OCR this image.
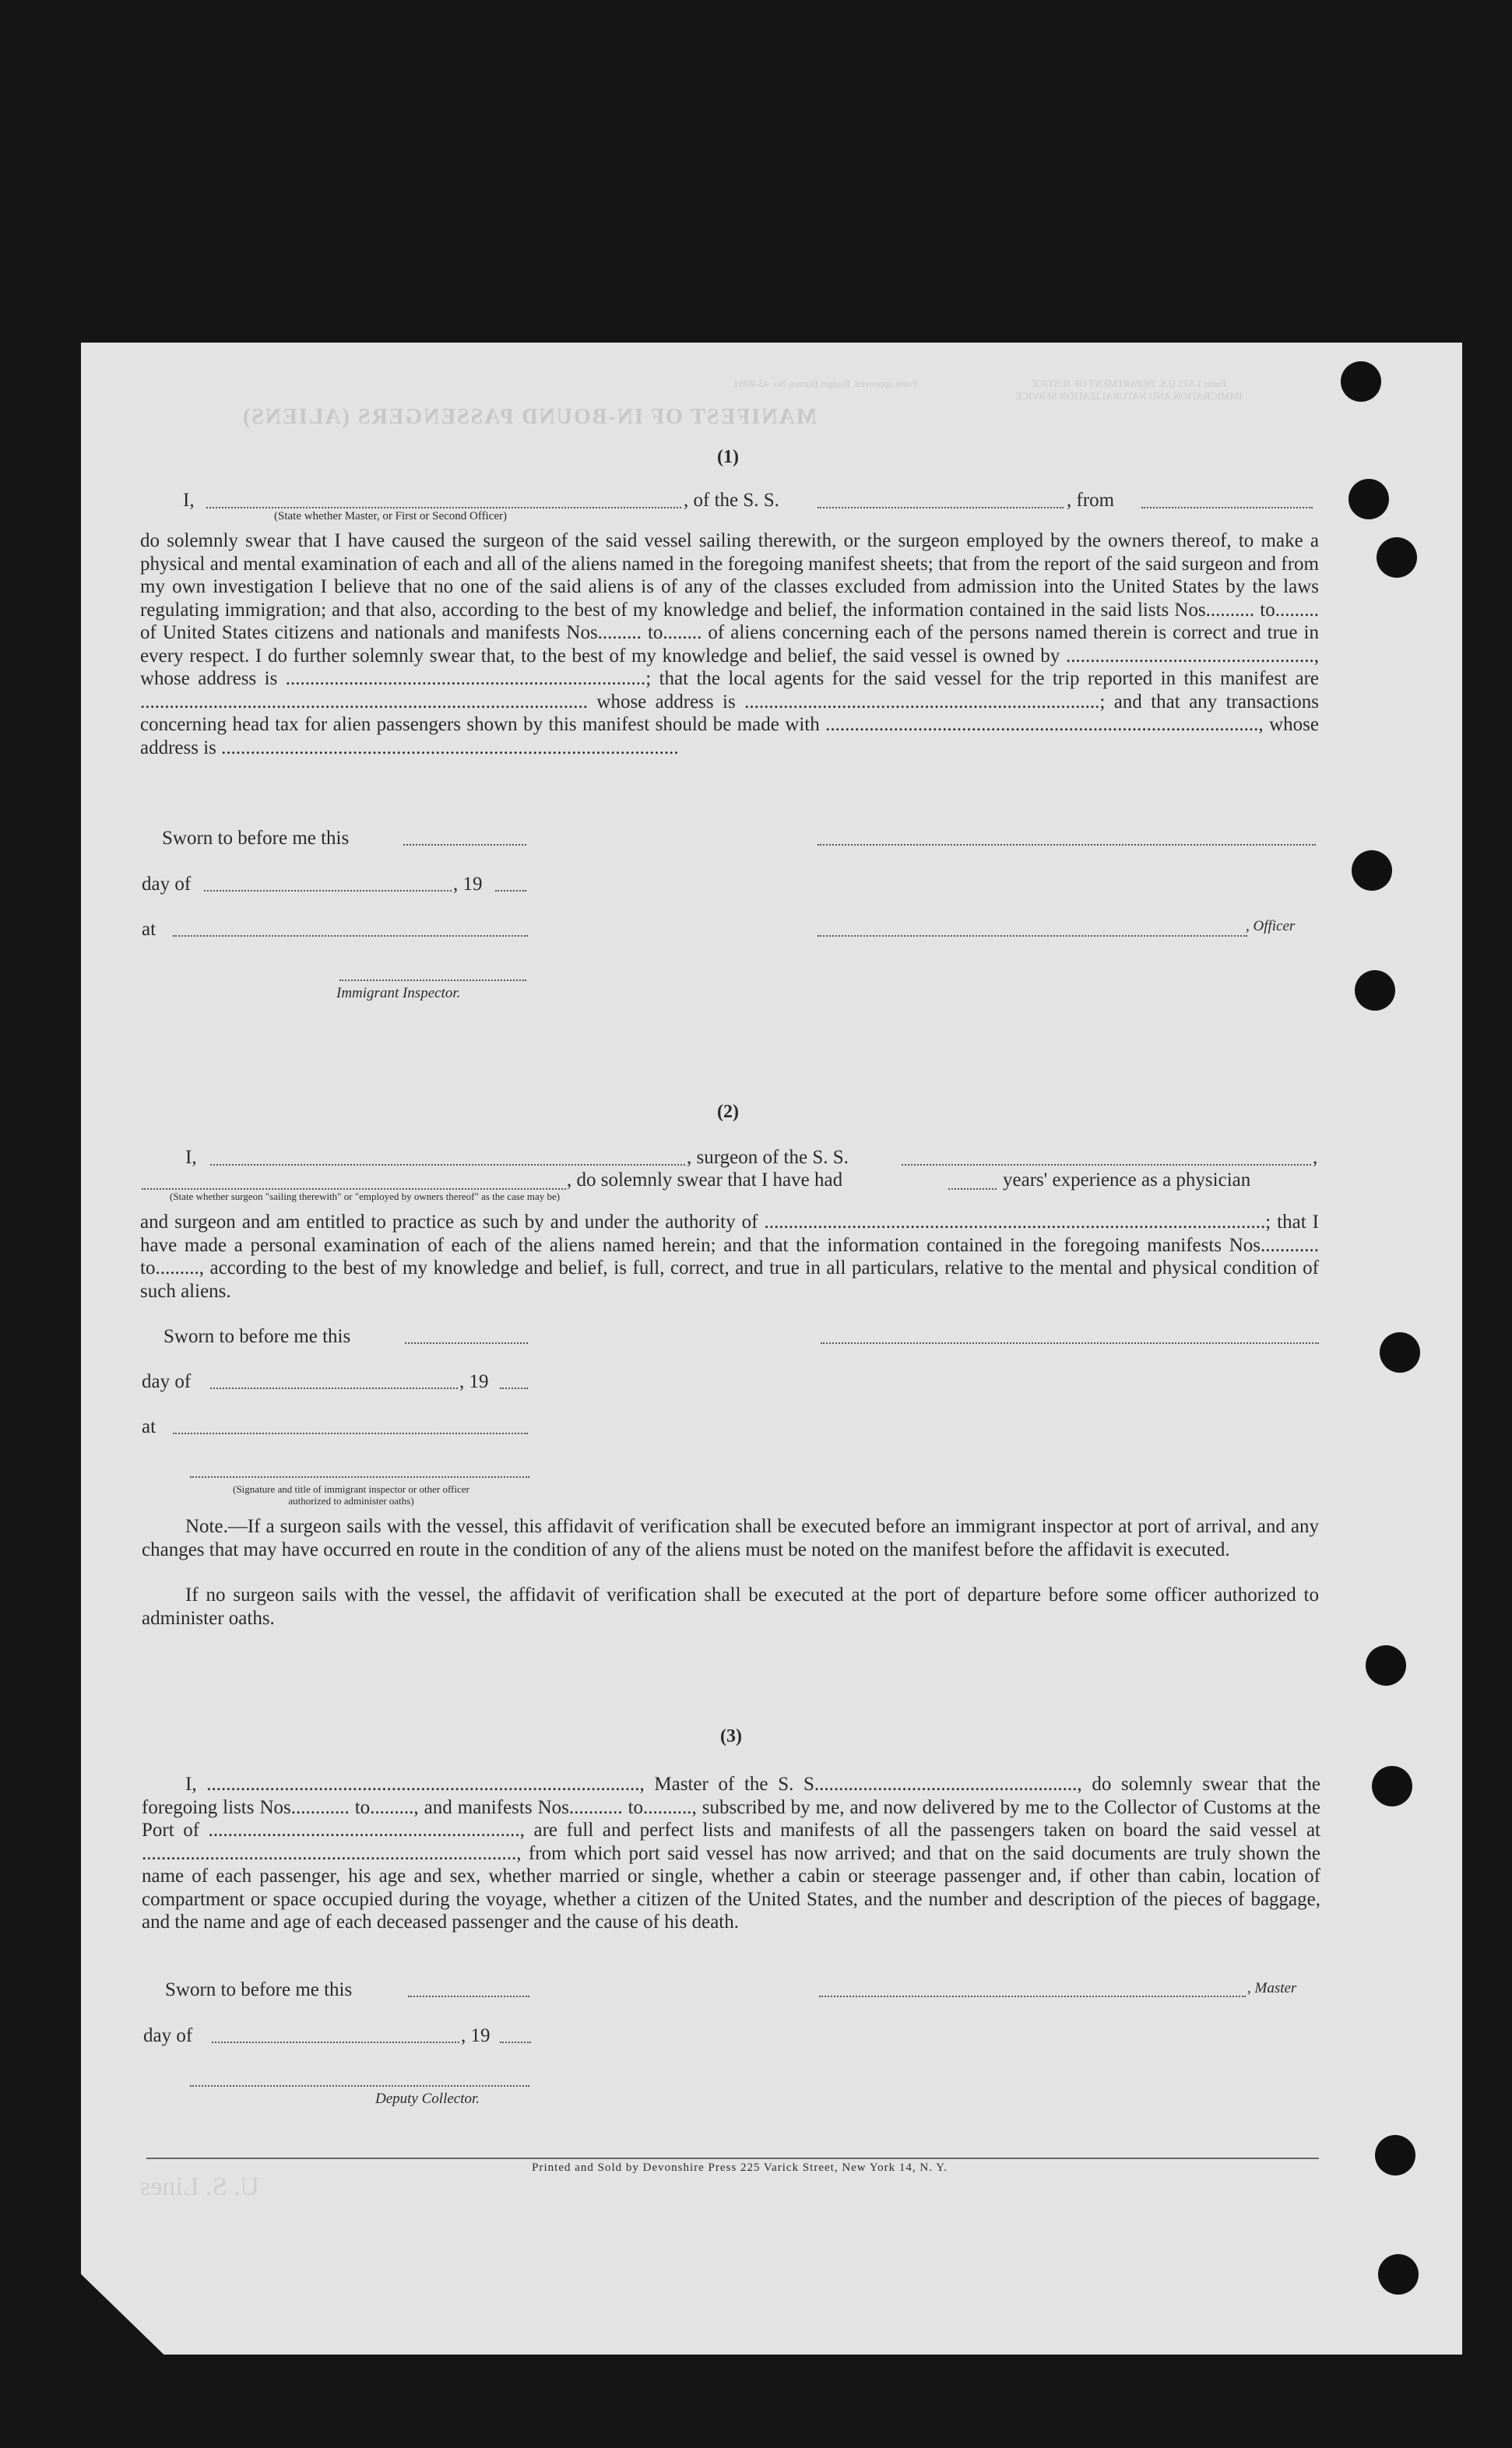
MANIFEST OF IN-BOUND PASSENGERS (ALIENS)
Form 1-515 U.S. DEPARTMENT OF JUSTICE IMMIGRATION AND NATURALIZATION SERVICE
Form approved. Budget Bureau No. 43-R091
U. S. Lines
(1)
I,	, of the S. S.	, from
(State whether Master, or First or Second Officer)
do solemnly swear that I have caused the surgeon of the said vessel sailing therewith, or the surgeon employed by the owners thereof, to make a physical and mental examination of each and all of the aliens named in the foregoing manifest sheets; that from the report of the said surgeon and from my own investigation I believe that no one of the said aliens is of any of the classes excluded from admission into the United States by the laws regulating immigration; and that also, according to the best of my knowledge and belief, the information contained in the said lists Nos.......... to......... of United States citizens and nationals and manifests Nos......... to........ of aliens concerning each of the persons named therein is correct and true in every respect. I do further solemnly swear that, to the best of my knowledge and belief, the said vessel is owned by ..................................................., whose address is ..........................................................................; that the local agents for the said vessel for the trip reported in this manifest are ............................................................................................ whose address is .........................................................................; and that any transactions concerning head tax for alien passengers shown by this manifest should be made with ........................................................................................., whose address is ..............................................................................................
Sworn to before me this
day of	, 19
at	, Officer
Immigrant Inspector.
(2)
I,	, surgeon of the S. S.	,
, do solemnly swear that I have had	years' experience as a physician
(State whether surgeon "sailing therewith" or "employed by owners thereof" as the case may be)
and surgeon and am entitled to practice as such by and under the authority of .......................................................................................................; that I have made a personal examination of each of the aliens named herein; and that the information contained in the foregoing manifests Nos............ to........., according to the best of my knowledge and belief, is full, correct, and true in all particulars, relative to the mental and physical condition of such aliens.
Sworn to before me this
day of	, 19
at
(Signature and title of immigrant inspector or other officer authorized to administer oaths)
Note.—If a surgeon sails with the vessel, this affidavit of verification shall be executed before an immigrant inspector at port of arrival, and any changes that may have occurred en route in the condition of any of the aliens must be noted on the manifest before the affidavit is executed.
If no surgeon sails with the vessel, the affidavit of verification shall be executed at the port of departure before some officer authorized to administer oaths.
(3)
I, ........................................................................................., Master of the S. S......................................................, do solemnly swear that the foregoing lists Nos............ to........., and manifests Nos........... to.........., subscribed by me, and now delivered by me to the Collector of Customs at the Port of ................................................................, are full and perfect lists and manifests of all the passengers taken on board the said vessel at ............................................................................., from which port said vessel has now arrived; and that on the said documents are truly shown the name of each passenger, his age and sex, whether married or single, whether a cabin or steerage passenger and, if other than cabin, location of compartment or space occupied during the voyage, whether a citizen of the United States, and the number and description of the pieces of baggage, and the name and age of each deceased passenger and the cause of his death.
Sworn to before me this	, Master
day of	, 19
Deputy Collector.
Printed and Sold by Devonshire Press 225 Varick Street, New York 14, N. Y.
